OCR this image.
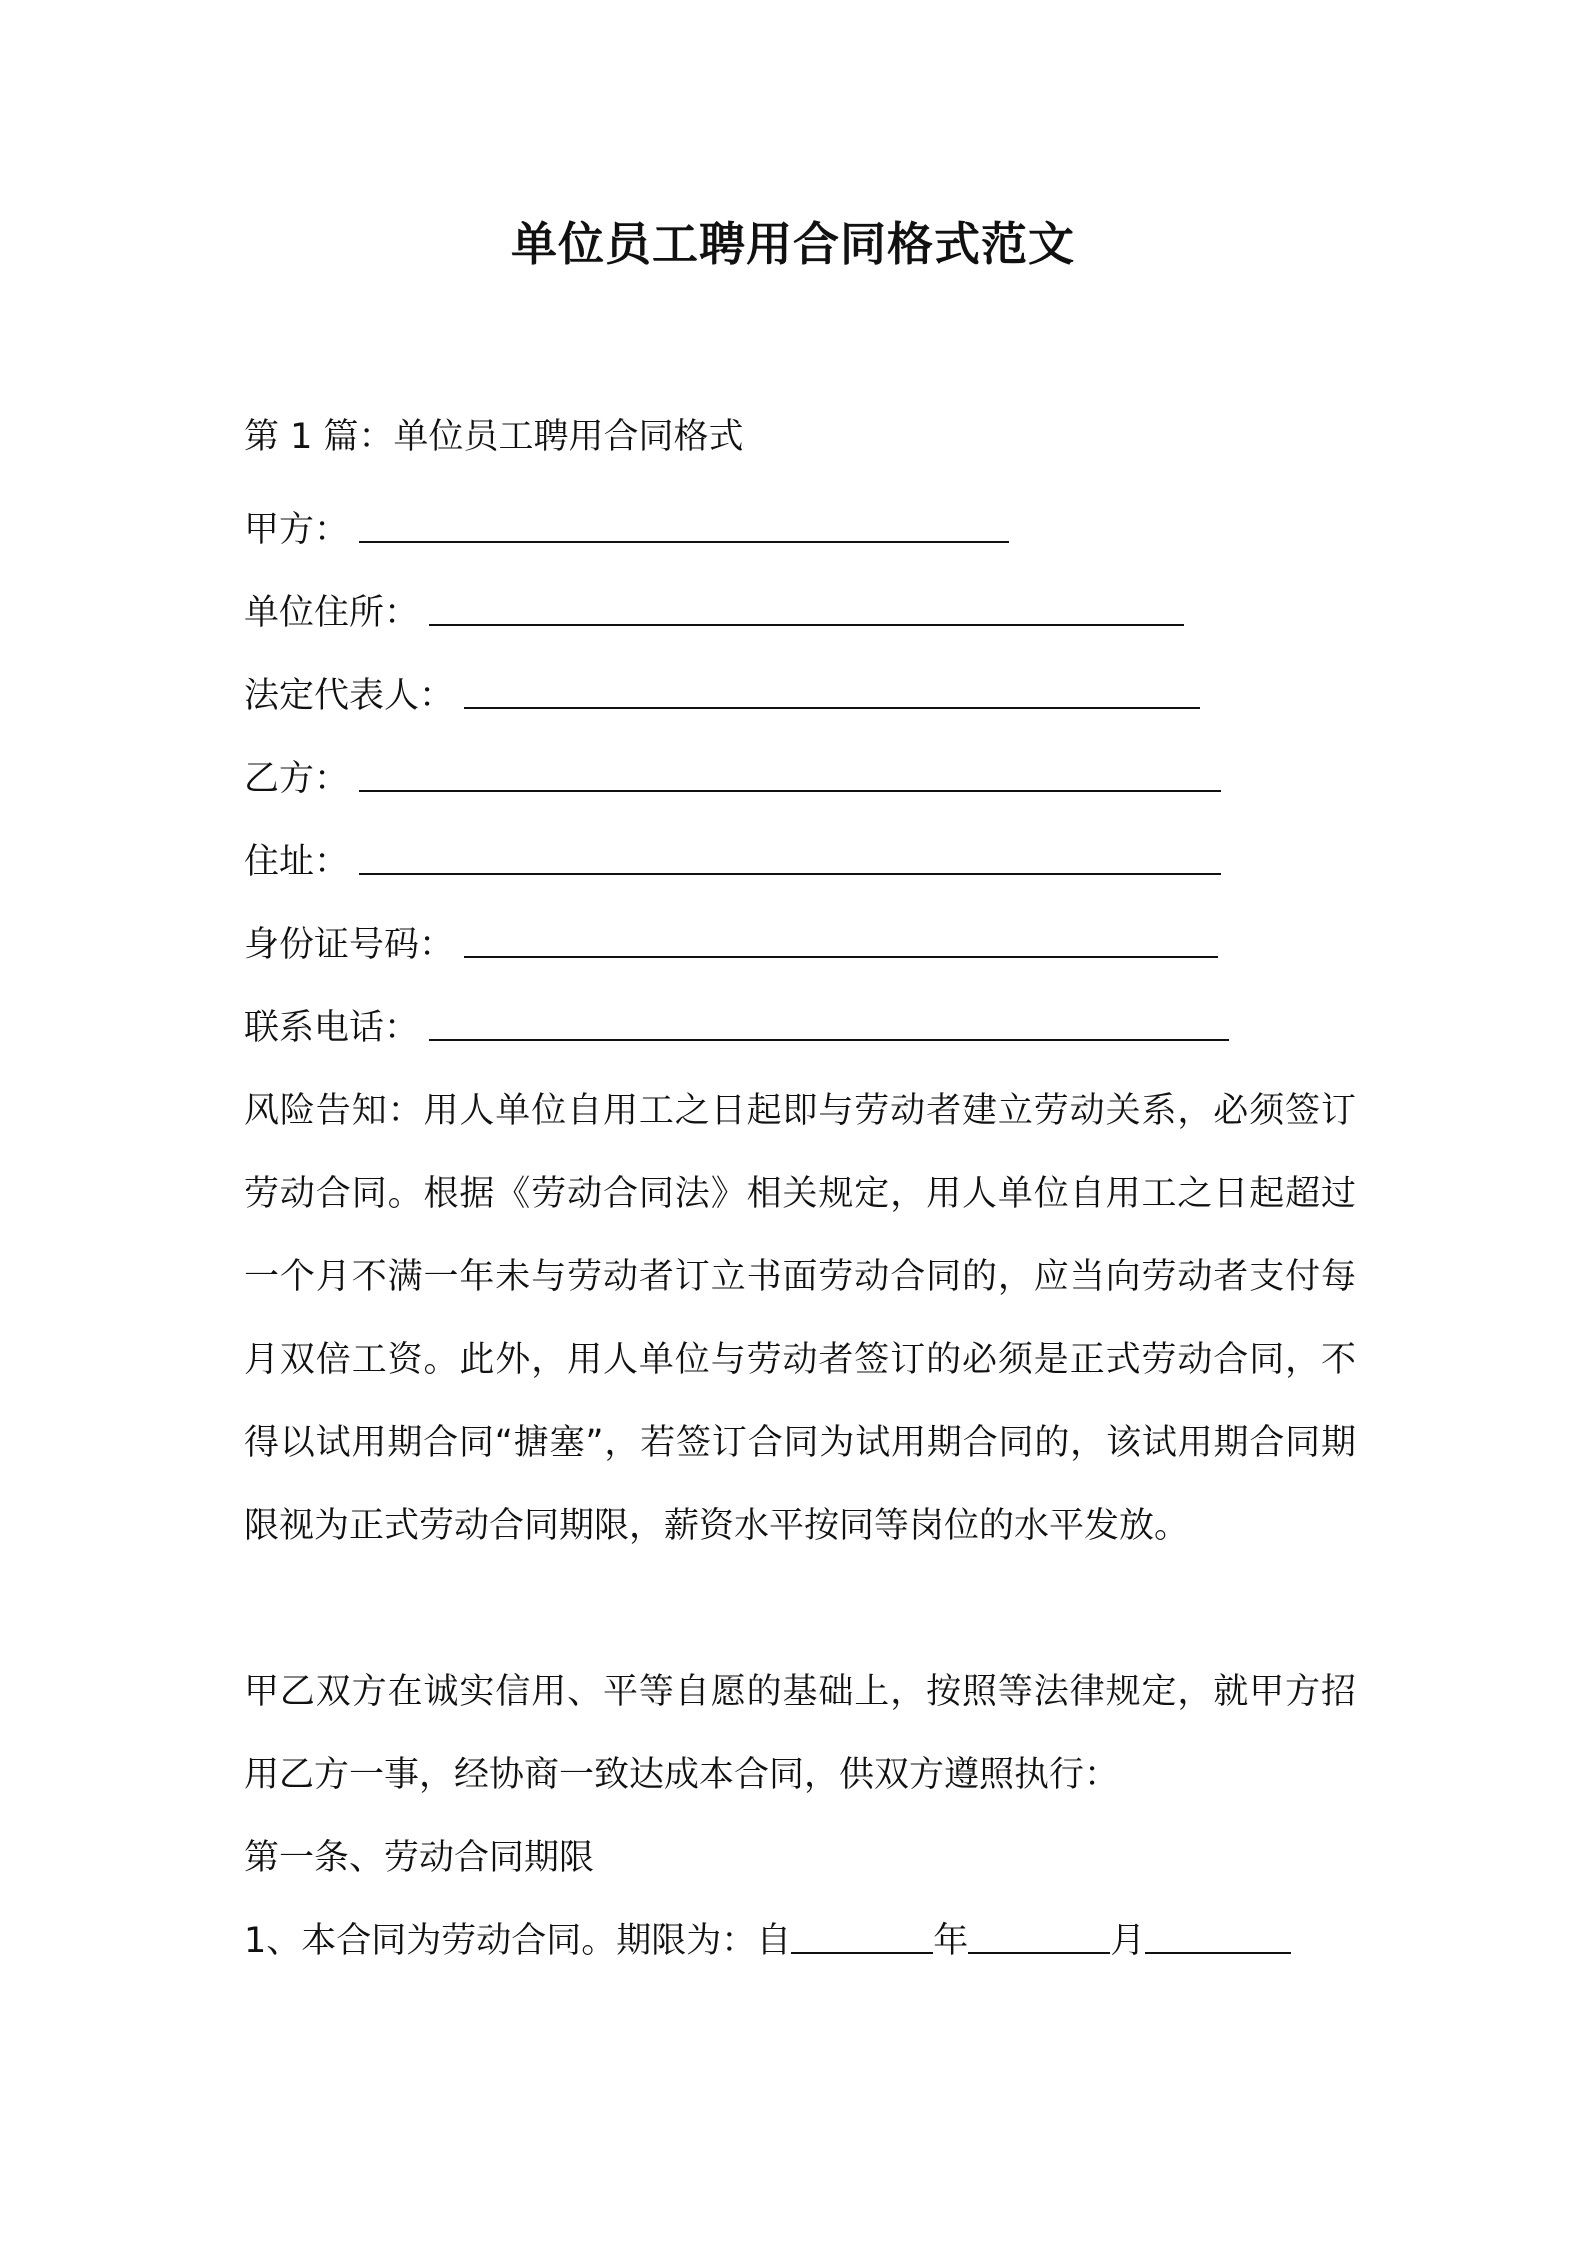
单位员工聘用合同格式范文
第 1 篇：单位员工聘用合同格式
甲方：
单位住所：
法定代表人：
乙方：
住址：
身份证号码：
联系电话：
风险告知：用人单位自用工之日起即与劳动者建立劳动关系，必须签订劳动合同。根据《劳动合同法》相关规定，用人单位自用工之日起超过一个月不满一年未与劳动者订立书面劳动合同的，应当向劳动者支付每月双倍工资。此外，用人单位与劳动者签订的必须是正式劳动合同，不得以试用期合同“搪塞”，若签订合同为试用期合同的，该试用期合同期限视为正式劳动合同期限，薪资水平按同等岗位的水平发放。
甲乙双方在诚实信用、平等自愿的基础上，按照等法律规定，就甲方招用乙方一事，经协商一致达成本合同，供双方遵照执行：
第一条、劳动合同期限
1、本合同为劳动合同。期限为：自	年	月
